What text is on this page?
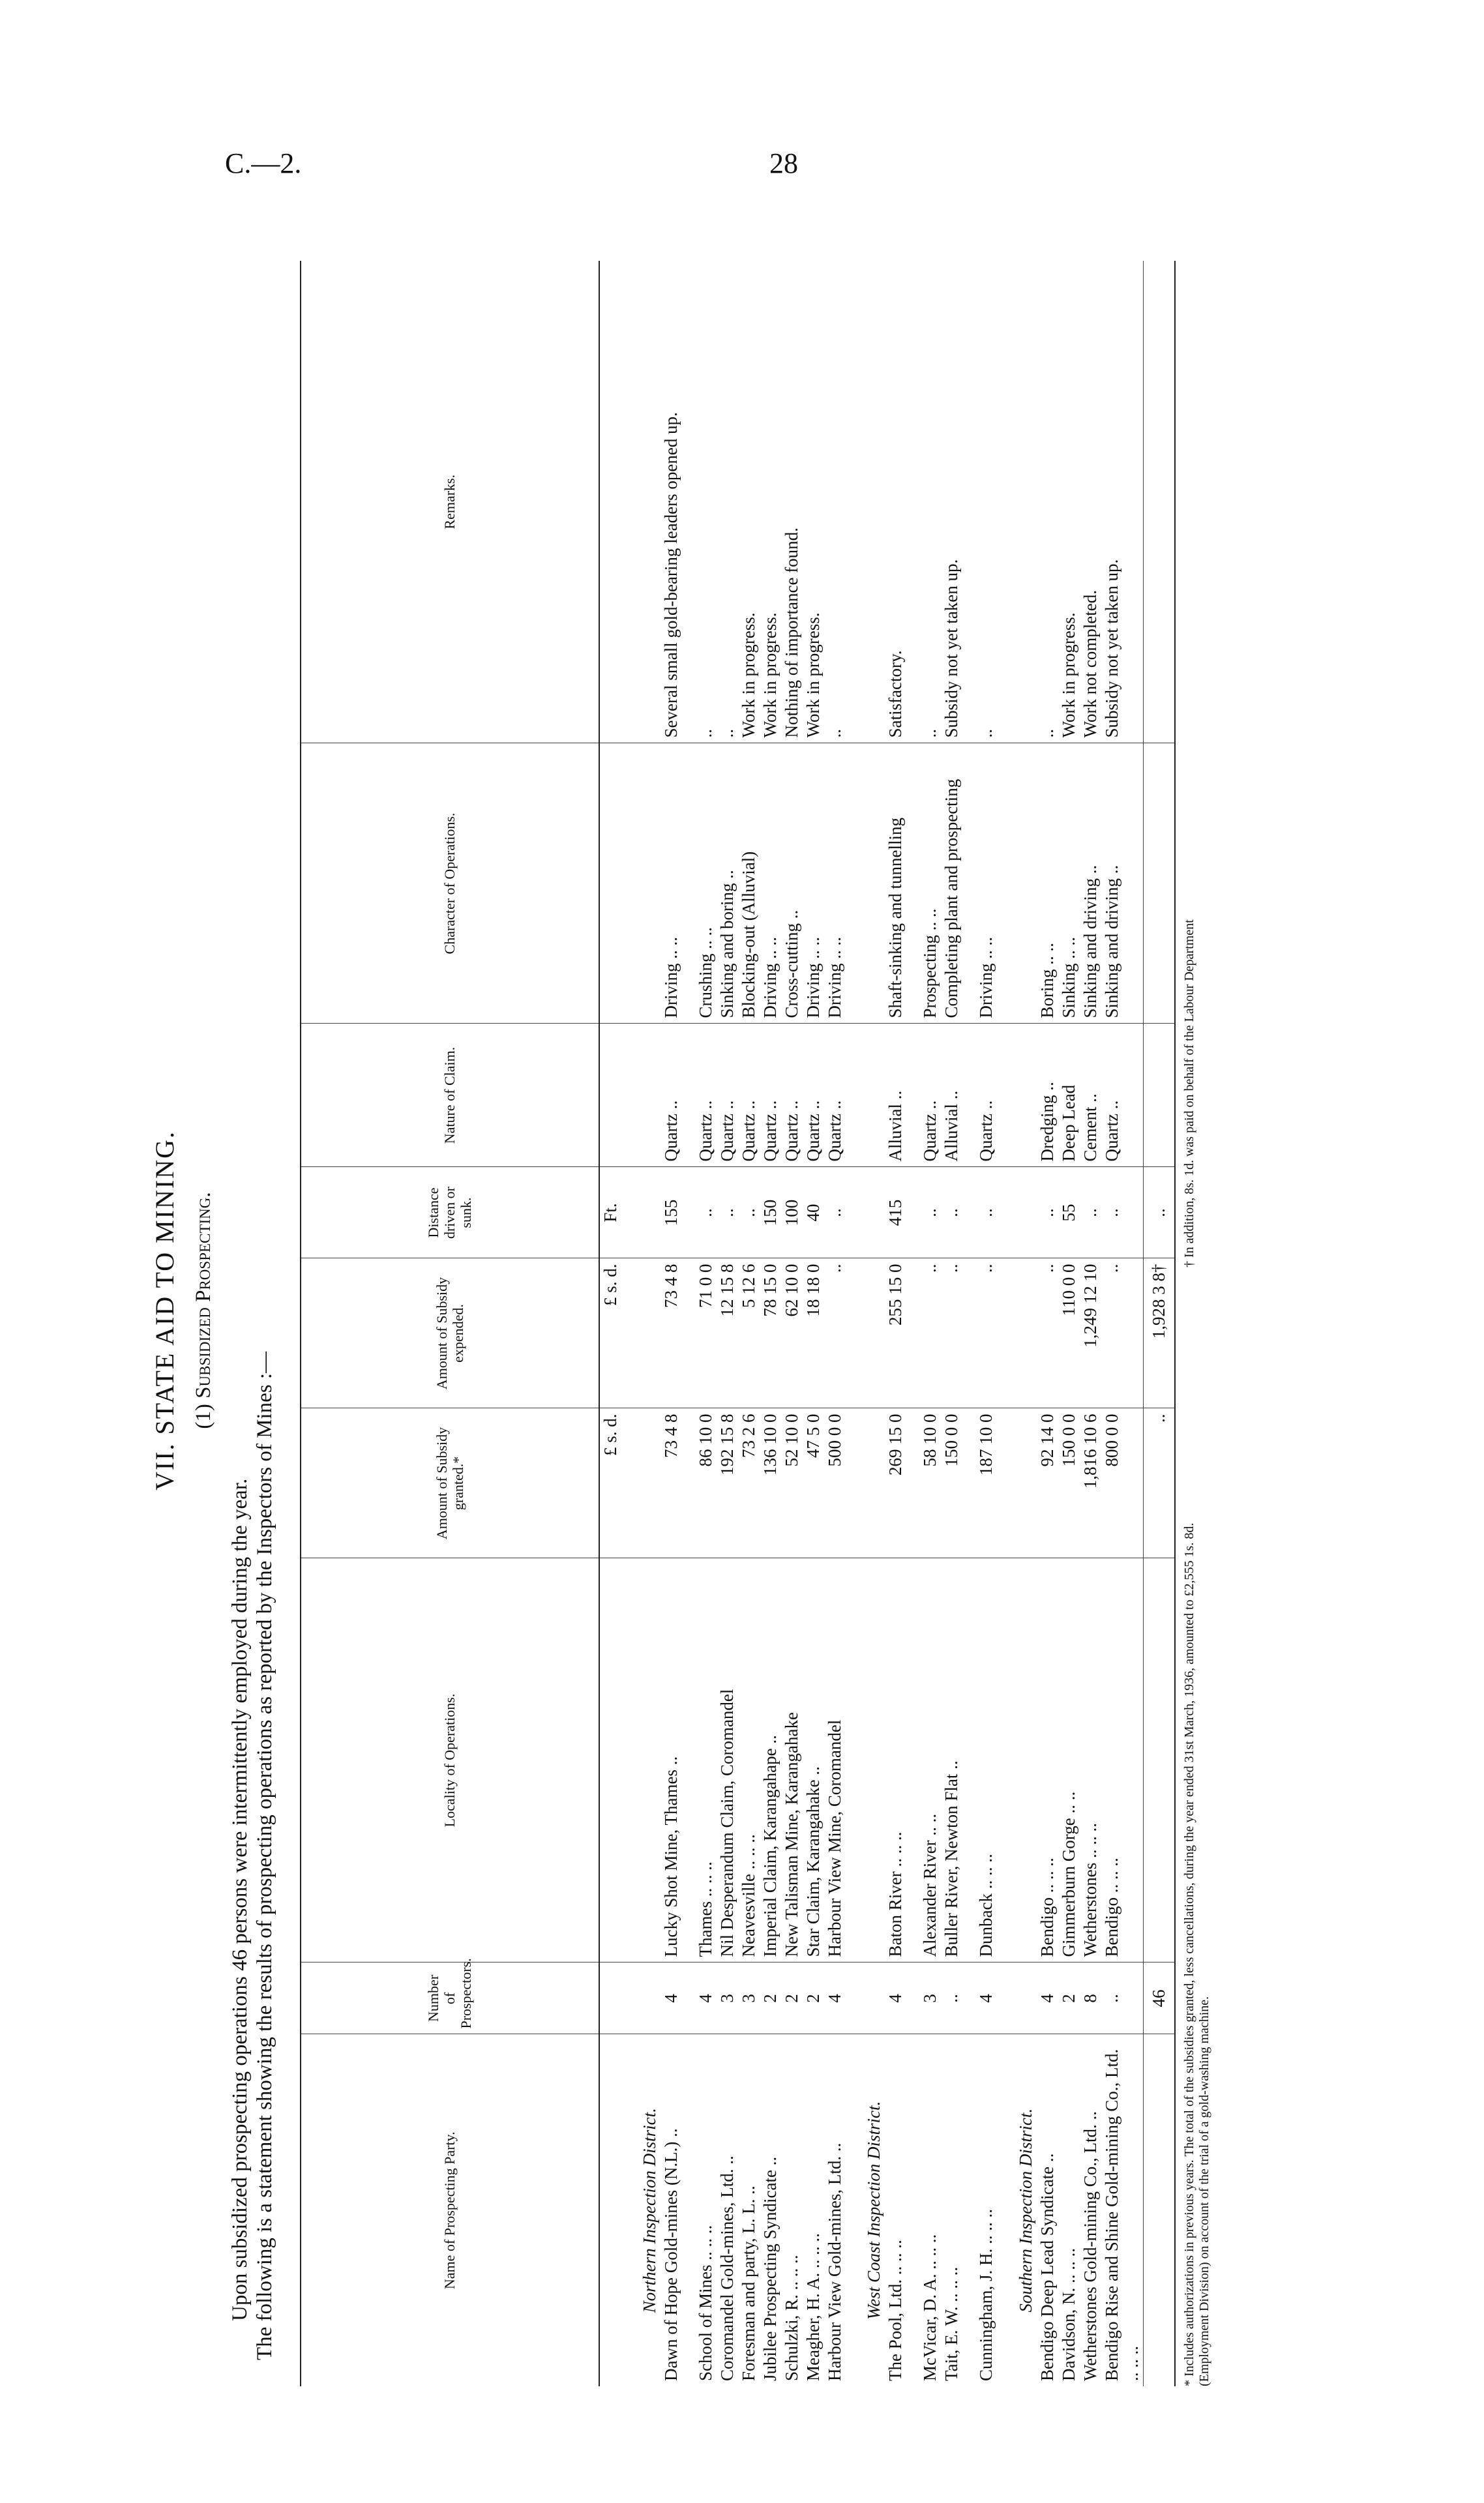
C.—2.	28
VII. STATE AID TO MINING. (1) Subsidized Prospecting.

Upon subsidized prospecting operations 46 persons were intermittently employed during the year. The following is a statement showing the results of prospecting operations as reported by the Inspectors of Mines :—	Name of Prospecting Party.	Number of Prospectors.	Locality of Operations.	Amount of Subsidy granted.*	Amount of Subsidy expended.	Distance driven or sunk.	Nature of Claim.	Character of Operations.	Remarks.
			£ s. d.	£ s. d.	Ft.			
Northern Inspection District.								
Dawn of Hope Gold-mines (N.L.) ..	4	Lucky Shot Mine, Thames ..	73 4 8	73 4 8	155	Quartz ..	Driving .. ..	Several small gold-bearing leaders opened up.

School of Mines .. .. ..	4	Thames .. .. ..	86 10 0	71 0 0	..	Quartz ..	Crushing .. ..	..
Coromandel Gold-mines, Ltd. ..	3	Nil Desperandum Claim, Coromandel	192 15 8	12 15 8	..	Quartz ..	Sinking and boring ..	..
Foresman and party, L. L. ..	3	Neavesville .. .. ..	73 2 6	5 12 6	..	Quartz ..	Blocking-out (Alluvial)	Work in progress.
Jubilee Prospecting Syndicate ..	2	Imperial Claim, Karangahape ..	136 10 0	78 15 0	150	Quartz ..	Driving .. ..	Work in progress.
Schulzki, R. .. .. ..	2	New Talisman Mine, Karangahake	52 10 0	62 10 0	100	Quartz ..	Cross-cutting ..	Nothing of importance found.
Meagher, H. A. .. .. ..	2	Star Claim, Karangahake ..	47 5 0	18 18 0	40	Quartz ..	Driving .. ..	Work in progress.
Harbour View Gold-mines, Ltd. ..	4	Harbour View Mine, Coromandel	500 0 0	..	..	Quartz ..	Driving .. ..	..
West Coast Inspection District.								
The Pool, Ltd. .. .. ..	4	Baton River .. .. ..	269 15 0	255 15 0	415	Alluvial ..	Shaft-sinking and tunnelling	Satisfactory.

McVicar, D. A. .. .. ..	3	Alexander River .. ..	58 10 0	..	..	Quartz ..	Prospecting .. ..	..
Tait, E. W. .. .. ..	..	Buller River, Newton Flat ..	150 0 0	..	..	Alluvial ..	Completing plant and prospecting	Subsidy not yet taken up.

Cunningham, J. H. .. .. ..	4	Dunback .. .. ..	187 10 0	..	..	Quartz ..	Driving .. ..	..
Southern Inspection District.								
Bendigo Deep Lead Syndicate ..	4	Bendigo .. .. ..	92 14 0	..	..	Dredging ..	Boring .. ..	..
Davidson, N. .. .. ..	2	Gimmerburn Gorge .. ..	150 0 0	110 0 0	55	Deep Lead	Sinking .. ..	Work in progress.
Wetherstones Gold-mining Co., Ltd. ..	8	Wetherstones .. .. ..	1,816 10 6	1,249 12 10	..	Cement ..	Sinking and driving ..	Work not completed.
Bendigo Rise and Shine Gold-mining Co., Ltd. .. .. ..	..	Bendigo .. .. ..	800 0 0	..	..	Quartz ..	Sinking and driving ..	Subsidy not yet taken up.
	46		..	1,928 3 8†	..			
* Includes authorizations in previous years. The total of the subsidies granted, less cancellations, during the year ended 31st March, 1936, amounted to £2,555 1s. 8d.
(Employment Division) on account of the trial of a gold-washing machine.
† In addition, 8s. 1d. was paid on behalf of the Labour Department
